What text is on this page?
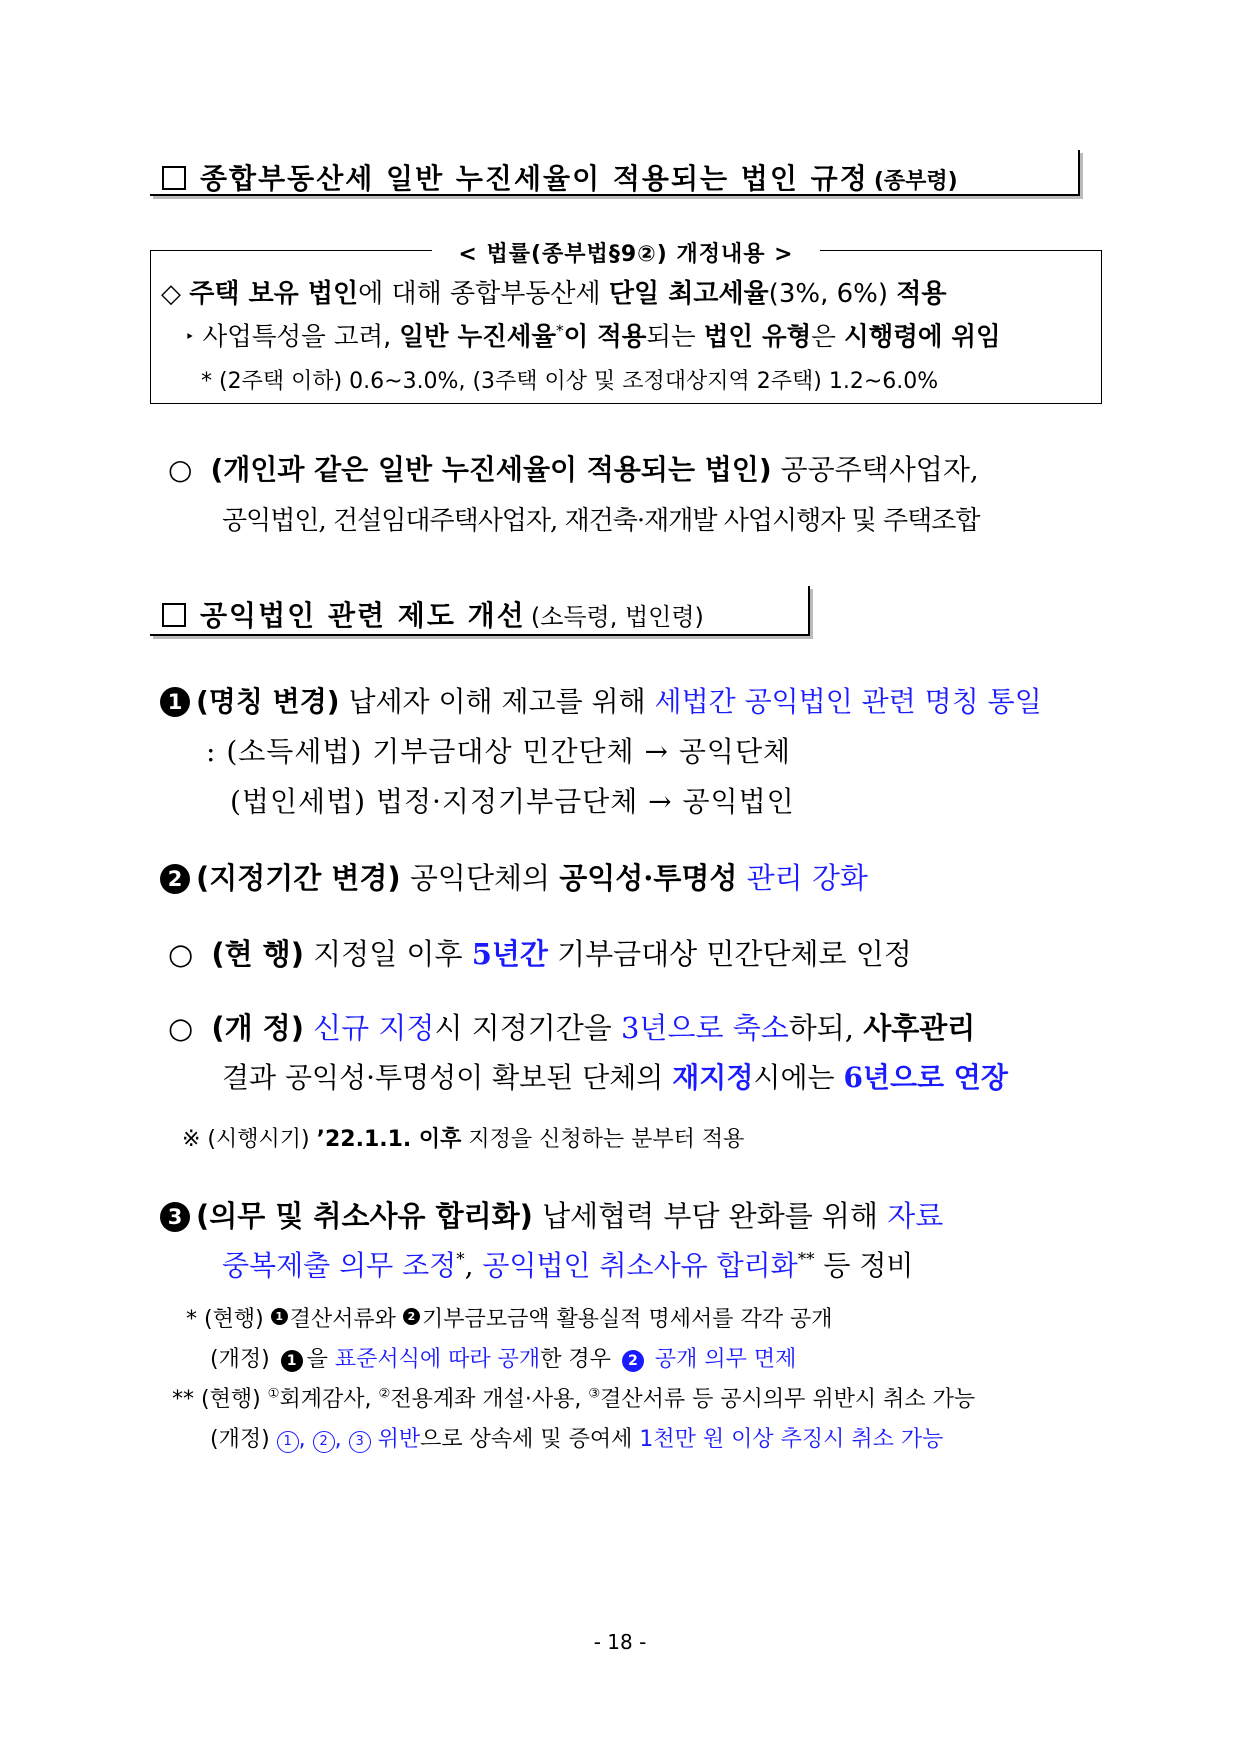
종합부동산세 일반 누진세율이 적용되는 법인 규정 (종부령)
< 법률(종부법§9②) 개정내용 >
◇ 주택 보유 법인에 대해 종합부동산세 단일 최고세율(3%, 6%) 적용
‣ 사업특성을 고려, 일반 누진세율*이 적용되는 법인 유형은 시행령에 위임
* (2주택 이하) 0.6~3.0%, (3주택 이상 및 조정대상지역 2주택) 1.2~6.0%
○ (개인과 같은 일반 누진세율이 적용되는 법인) 공공주택사업자,
공익법인, 건설임대주택사업자, 재건축·재개발 사업시행자 및 주택조합
공익법인 관련 제도 개선 (소득령, 법인령)
1 (명칭 변경) 납세자 이해 제고를 위해 세법간 공익법인 관련 명칭 통일
: (소득세법) 기부금대상 민간단체 → 공익단체
(법인세법) 법정·지정기부금단체 → 공익법인
2 (지정기간 변경) 공익단체의 공익성·투명성 관리 강화
○ (현 행) 지정일 이후 5년간 기부금대상 민간단체로 인정
○ (개 정) 신규 지정시 지정기간을 3년으로 축소하되, 사후관리
결과 공익성·투명성이 확보된 단체의 재지정시에는 6년으로 연장
※ (시행시기) ’22.1.1. 이후 지정을 신청하는 분부터 적용
3 (의무 및 취소사유 합리화) 납세협력 부담 완화를 위해 자료
중복제출 의무 조정*, 공익법인 취소사유 합리화** 등 정비
* (현행) 1 결산서류와 2 기부금모금액 활용실적 명세서를 각각 공개
(개정) 1 을 표준서식에 따라 공개한 경우 2 공개 의무 면제
** (현행) ①회계감사, ②전용계좌 개설·사용, ③결산서류 등 공시의무 위반시 취소 가능
(개정) 1 , 2 , 3 위반으로 상속세 및 증여세 1천만 원 이상 추징시 취소 가능
- 18 -
